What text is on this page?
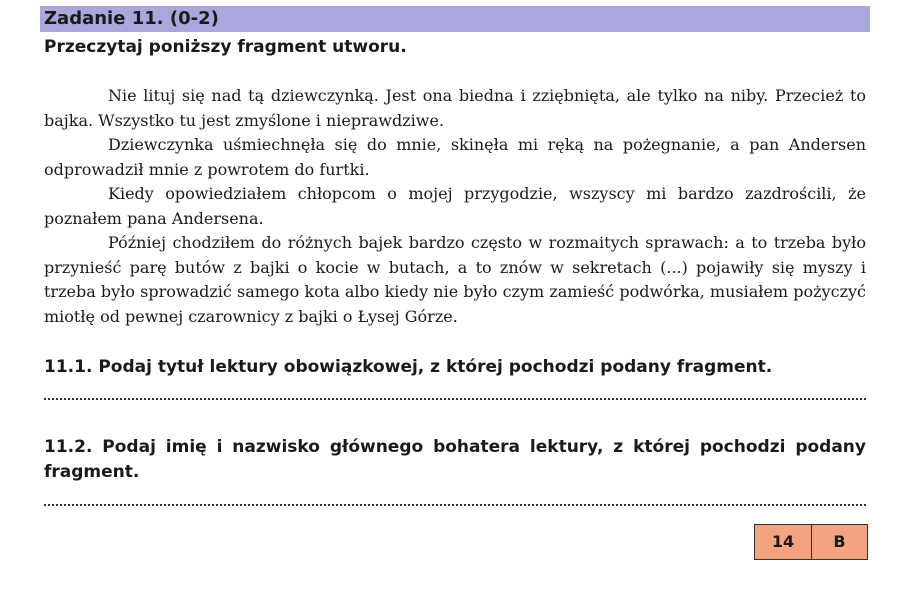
Zadanie 11. (0-2)
Przeczytaj poniższy fragment utworu.

Nie lituj się nad tą dziewczynką. Jest ona biedna i zziębnięta, ale tylko na niby. Przecież to bajka. Wszystko tu jest zmyślone i nieprawdziwe.

Dziewczynka uśmiechnęła się do mnie, skinęła mi ręką na pożegnanie, a pan Andersen odprowadził mnie z powrotem do furtki.

Kiedy opowiedziałem chłopcom o mojej przygodzie, wszyscy mi bardzo zazdrościli, że poznałem pana Andersena.

Później chodziłem do różnych bajek bardzo często w rozmaitych sprawach: a to trzeba było przynieść parę butów z bajki o kocie w butach, a to znów w sekretach (...) pojawiły się myszy i trzeba było sprowadzić samego kota albo kiedy nie było czym zamieść podwórka, musiałem pożyczyć miotłę od pewnej czarownicy z bajki o Łysej Górze.

11.1. Podaj tytuł lektury obowiązkowej, z której pochodzi podany fragment.
11.2. Podaj imię i nazwisko głównego bohatera lektury, z której pochodzi podany fragment.
14	B
